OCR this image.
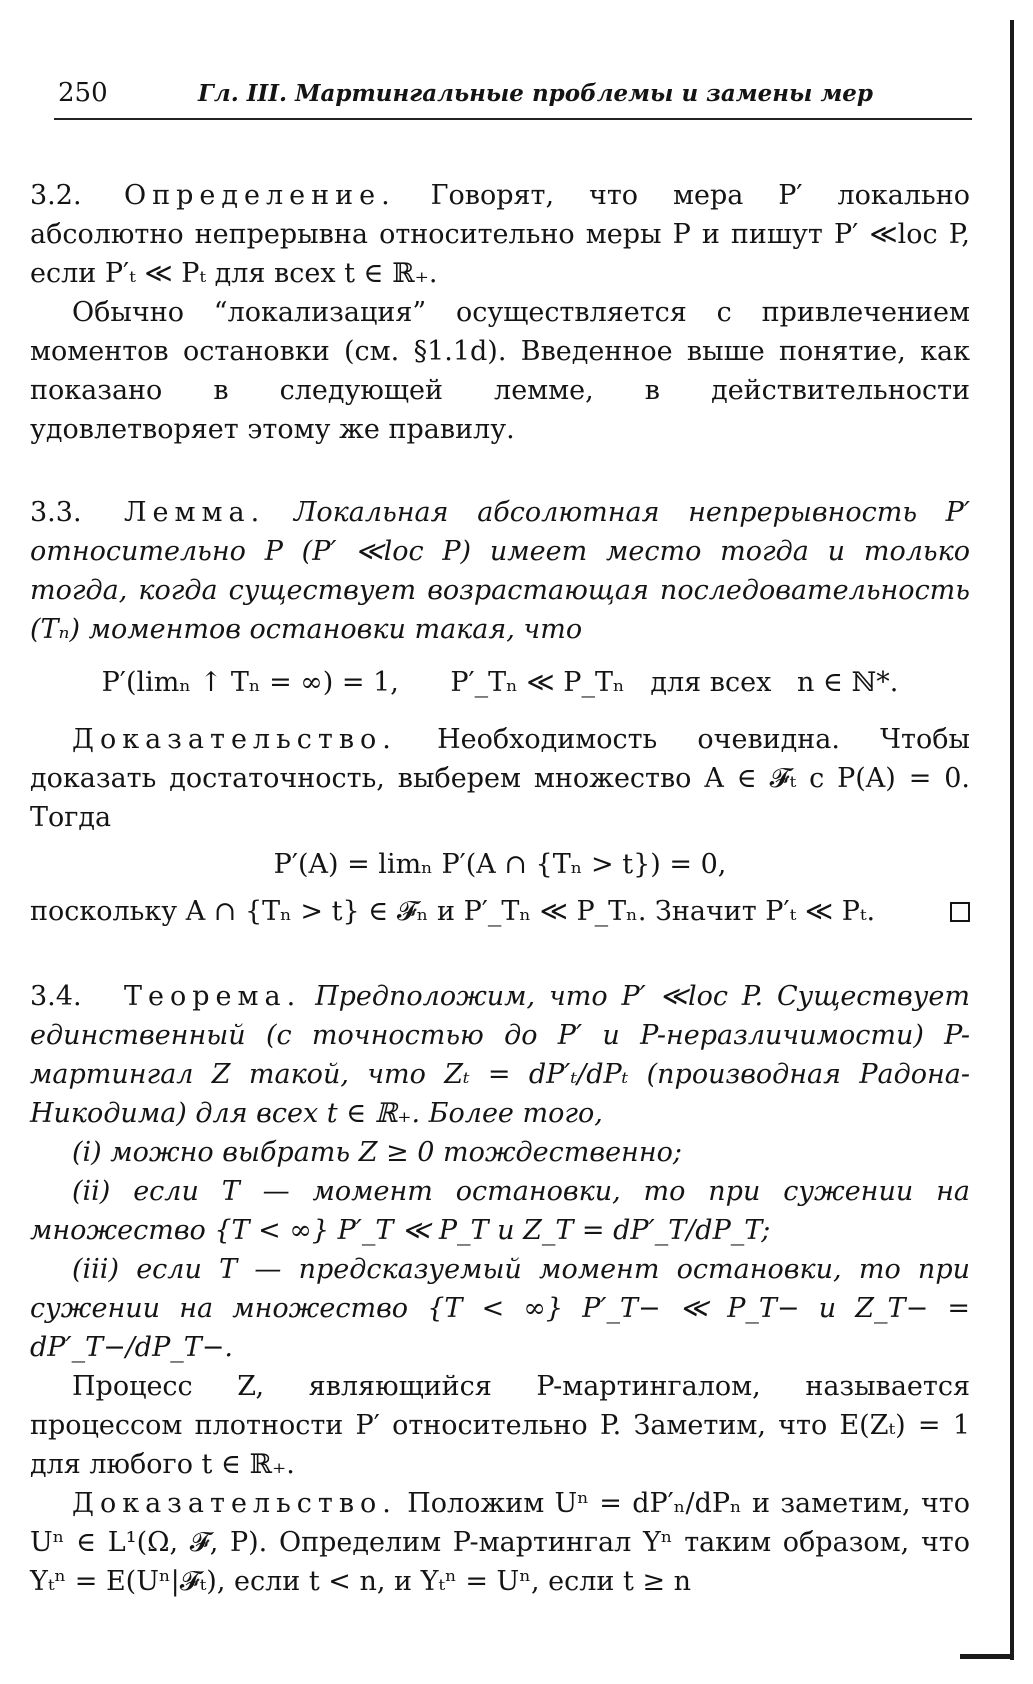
250	Гл. III. Мартингальные проблемы и замены мер

3.2. Определение. Говорят, что мера P′ локально абсолютно непрерывна относительно меры P и пишут P′ ≪loc P, если P′ₜ ≪ Pₜ для всех t ∈ ℝ₊.

Обычно “локализация” осуществляется с привлечением моментов остановки (см. §1.1d). Введенное выше понятие, как показано в следующей лемме, в действительности удовлетворяет этому же правилу.

3.3. Лемма. Локальная абсолютная непрерывность P′ относительно P (P′ ≪loc P) имеет место тогда и только тогда, когда существует возрастающая последовательность (Tₙ) моментов остановки такая, что

P′(limₙ ↑ Tₙ = ∞) = 1,      P′_Tₙ ≪ P_Tₙ   для всех   n ∈ ℕ*.

Доказательство. Необходимость очевидна. Чтобы доказать достаточность, выберем множество A ∈ 𝓕ₜ с P(A) = 0. Тогда

P′(A) = limₙ P′(A ∩ {Tₙ > t}) = 0,

поскольку A ∩ {Tₙ > t} ∈ 𝓕ₙ и P′_Tₙ ≪ P_Tₙ. Значит P′ₜ ≪ Pₜ.

3.4. Теорема. Предположим, что P′ ≪loc P. Существует единственный (с точностью до P′ и P-неразличимости) P-мартингал Z такой, что Zₜ = dP′ₜ/dPₜ (производная Радона-Никодима) для всех t ∈ ℝ₊. Более того,

(i) можно выбрать Z ≥ 0 тождественно;

(ii) если T — момент остановки, то при сужении на множество {T < ∞} P′_T ≪ P_T и Z_T = dP′_T/dP_T;

(iii) если T — предсказуемый момент остановки, то при сужении на множество {T < ∞} P′_T− ≪ P_T− и Z_T− = dP′_T−/dP_T−.

Процесс Z, являющийся P-мартингалом, называется процессом плотности P′ относительно P. Заметим, что E(Zₜ) = 1 для любого t ∈ ℝ₊.

Доказательство. Положим Uⁿ = dP′ₙ/dPₙ и заметим, что Uⁿ ∈ L¹(Ω, 𝓕, P). Определим P-мартингал Yⁿ таким образом, что Yₜⁿ = E(Uⁿ|𝓕ₜ), если t < n, и Yₜⁿ = Uⁿ, если t ≥ n
